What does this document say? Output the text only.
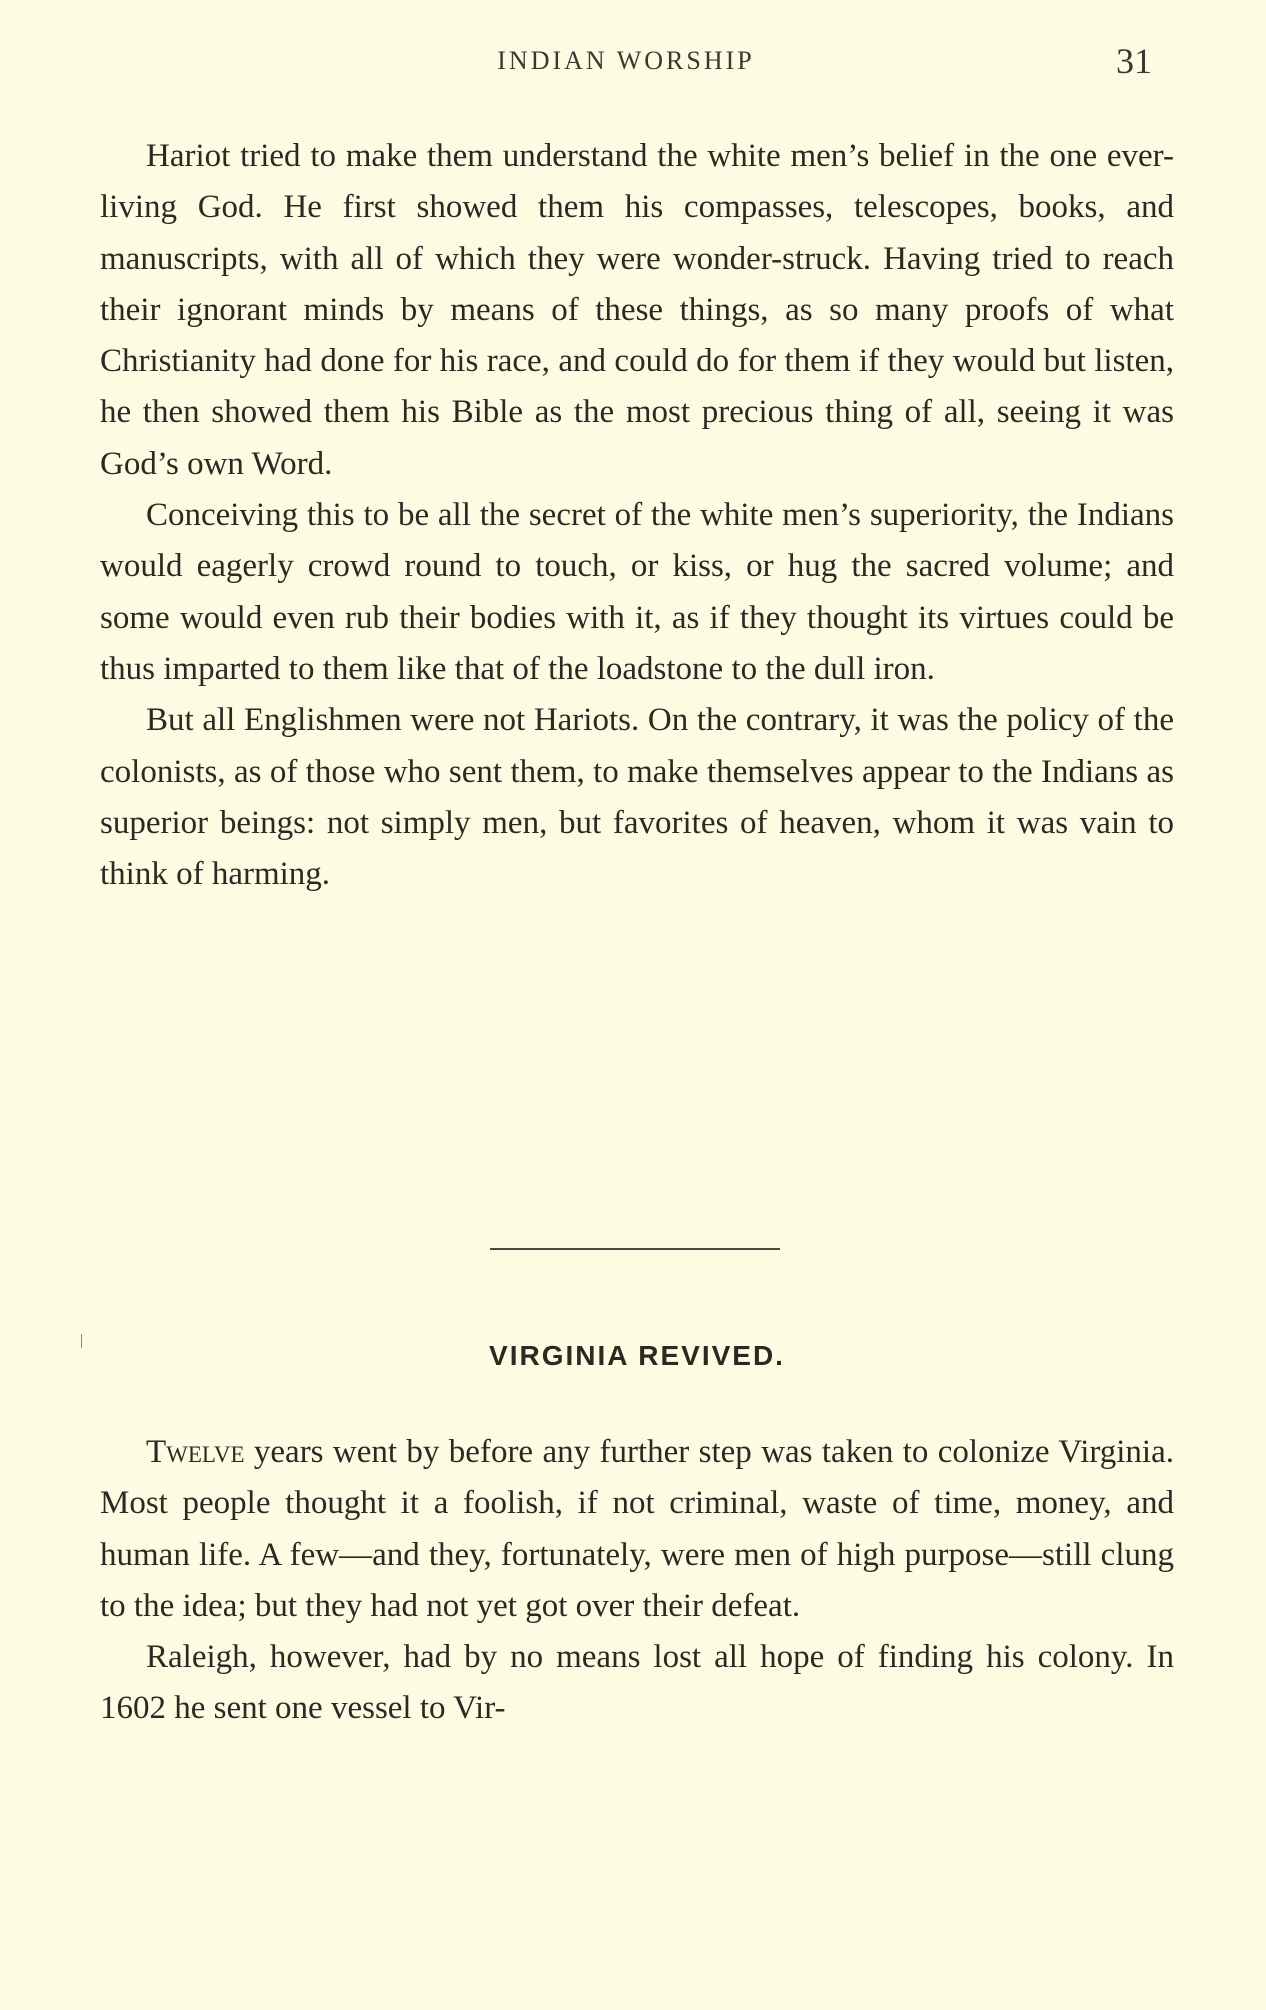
INDIAN WORSHIP	31

Hariot tried to make them understand the white men’s belief in the one ever-living God. He first showed them his compasses, telescopes, books, and manuscripts, with all of which they were wonder-struck. Having tried to reach their ignorant minds by means of these things, as so many proofs of what Christianity had done for his race, and could do for them if they would but listen, he then showed them his Bible as the most precious thing of all, seeing it was God’s own Word.

Conceiving this to be all the secret of the white men’s superiority, the Indians would eagerly crowd round to touch, or kiss, or hug the sacred volume; and some would even rub their bodies with it, as if they thought its virtues could be thus imparted to them like that of the loadstone to the dull iron.

But all Englishmen were not Hariots. On the contrary, it was the policy of the colonists, as of those who sent them, to make themselves appear to the Indians as superior beings: not simply men, but favorites of heaven, whom it was vain to think of harming.

VIRGINIA REVIVED.

Twelve years went by before any further step was taken to colonize Virginia. Most people thought it a foolish, if not criminal, waste of time, money, and human life. A few—and they, fortunately, were men of high purpose—still clung to the idea; but they had not yet got over their defeat.

Raleigh, however, had by no means lost all hope of finding his colony. In 1602 he sent one vessel to Vir-
